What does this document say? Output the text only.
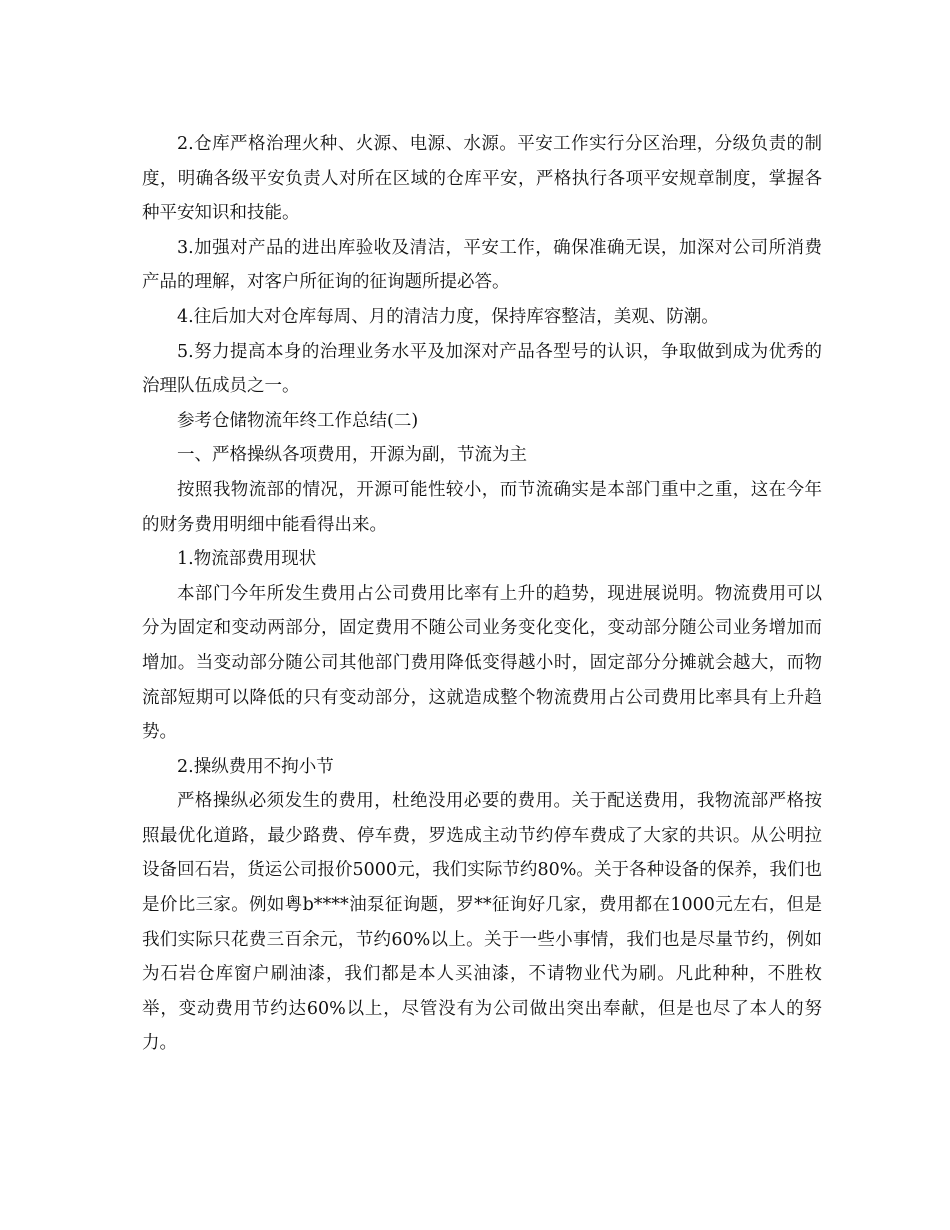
2.仓库严格治理火种、火源、电源、水源。平安工作实行分区治理，分级负责的制度，明确各级平安负责人对所在区域的仓库平安，严格执行各项平安规章制度，掌握各种平安知识和技能。

3.加强对产品的进出库验收及清洁，平安工作，确保准确无误，加深对公司所消费产品的理解，对客户所征询的征询题所提必答。

4.往后加大对仓库每周、月的清洁力度，保持库容整洁，美观、防潮。

5.努力提高本身的治理业务水平及加深对产品各型号的认识，争取做到成为优秀的治理队伍成员之一。

参考仓储物流年终工作总结(二)

一、严格操纵各项费用，开源为副，节流为主

按照我物流部的情况，开源可能性较小，而节流确实是本部门重中之重，这在今年的财务费用明细中能看得出来。

1.物流部费用现状

本部门今年所发生费用占公司费用比率有上升的趋势，现进展说明。物流费用可以分为固定和变动两部分，固定费用不随公司业务变化变化，变动部分随公司业务增加而增加。当变动部分随公司其他部门费用降低变得越小时，固定部分分摊就会越大，而物流部短期可以降低的只有变动部分，这就造成整个物流费用占公司费用比率具有上升趋势。

2.操纵费用不拘小节

严格操纵必须发生的费用，杜绝没用必要的费用。关于配送费用，我物流部严格按照最优化道路，最少路费、停车费，罗选成主动节约停车费成了大家的共识。从公明拉设备回石岩，货运公司报价5000元，我们实际节约80%。关于各种设备的保养，我们也是价比三家。例如粤b****油泵征询题，罗**征询好几家，费用都在1000元左右，但是我们实际只花费三百余元，节约60%以上。关于一些小事情，我们也是尽量节约，例如为石岩仓库窗户刷油漆，我们都是本人买油漆，不请物业代为刷。凡此种种，不胜枚举，变动费用节约达60%以上，尽管没有为公司做出突出奉献，但是也尽了本人的努力。
